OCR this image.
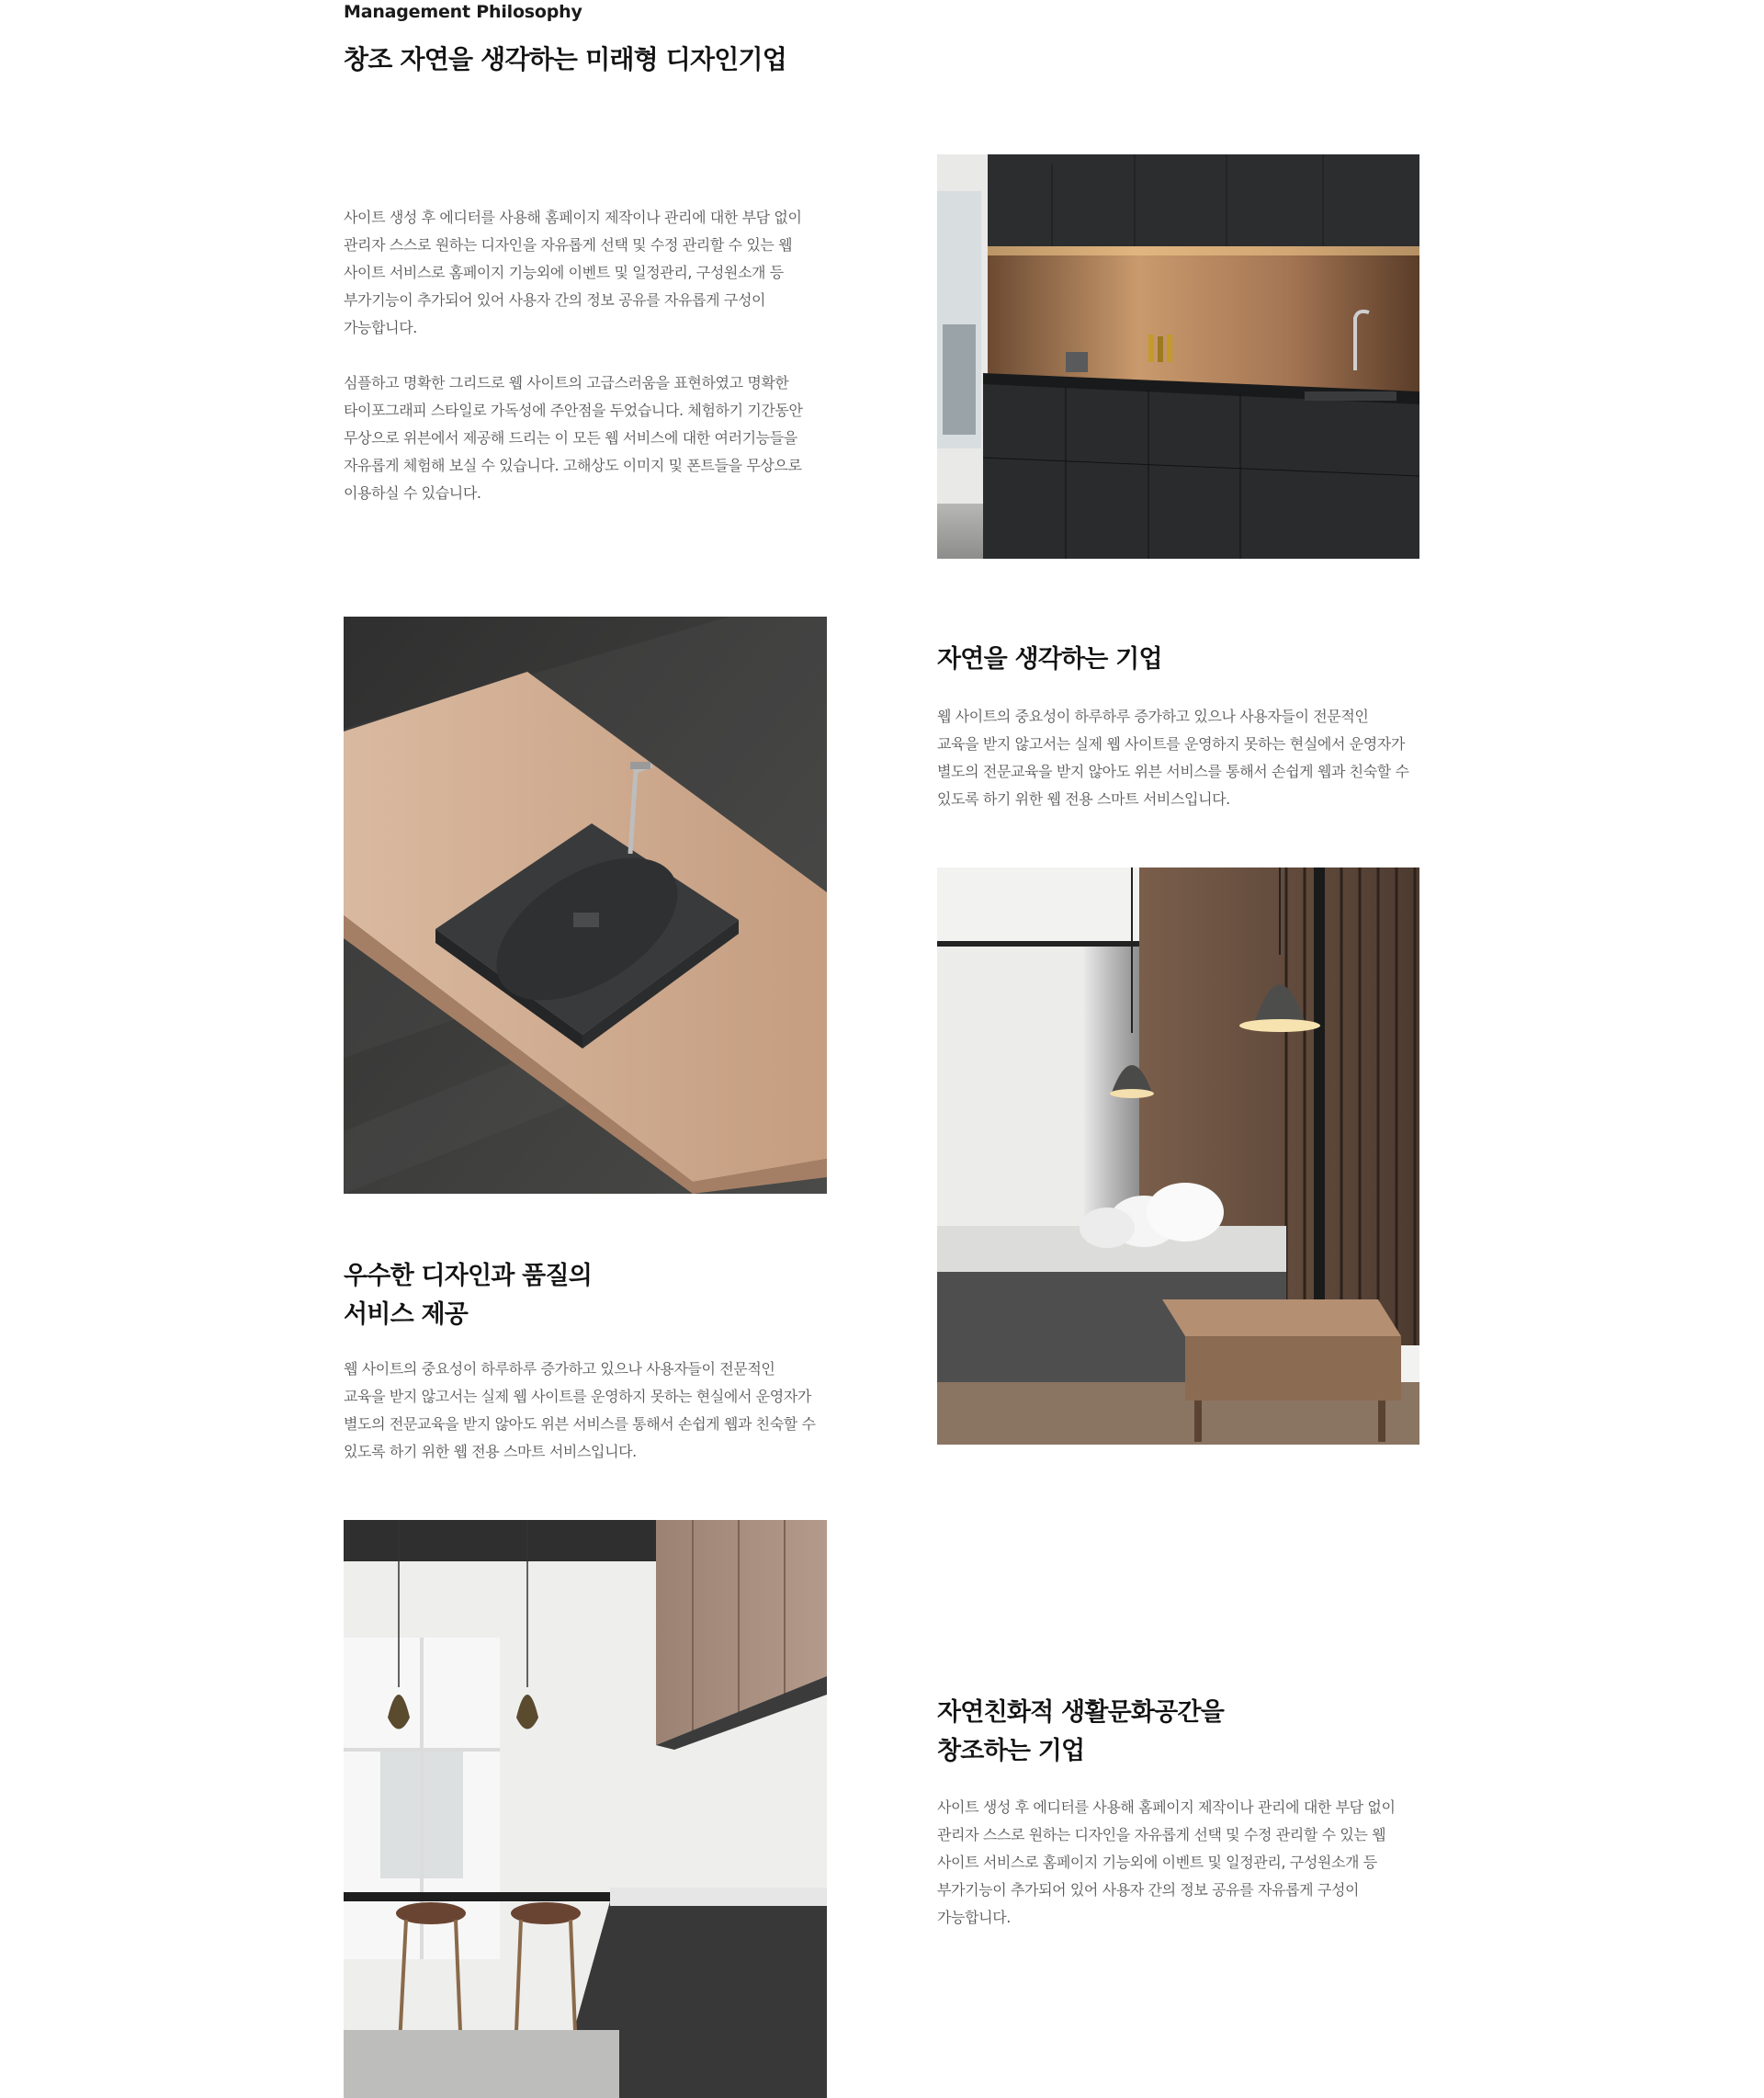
Management Philosophy
창조 자연을 생각하는 미래형 디자인기업

사이트 생성 후 에디터를 사용해 홈페이지 제작이나 관리에 대한 부담 없이
관리자 스스로 원하는 디자인을 자유롭게 선택 및 수정 관리할 수 있는 웹
사이트 서비스로 홈페이지 기능외에 이벤트 및 일정관리, 구성원소개 등
부가기능이 추가되어 있어 사용자 간의 정보 공유를 자유롭게 구성이
가능합니다.

심플하고 명확한 그리드로 웹 사이트의 고급스러움을 표현하였고 명확한
타이포그래피 스타일로 가독성에 주안점을 두었습니다. 체험하기 기간동안
무상으로 위븐에서 제공해 드리는 이 모든 웹 서비스에 대한 여러기능들을
자유롭게 체험해 보실 수 있습니다. 고해상도 이미지 및 폰트들을 무상으로
이용하실 수 있습니다.

자연을 생각하는 기업

웹 사이트의 중요성이 하루하루 증가하고 있으나 사용자들이 전문적인
교육을 받지 않고서는 실제 웹 사이트를 운영하지 못하는 현실에서 운영자가
별도의 전문교육을 받지 않아도 위븐 서비스를 통해서 손쉽게 웹과 친숙할 수
있도록 하기 위한 웹 전용 스마트 서비스입니다.

우수한 디자인과 품질의
서비스 제공

웹 사이트의 중요성이 하루하루 증가하고 있으나 사용자들이 전문적인
교육을 받지 않고서는 실제 웹 사이트를 운영하지 못하는 현실에서 운영자가
별도의 전문교육을 받지 않아도 위븐 서비스를 통해서 손쉽게 웹과 친숙할 수
있도록 하기 위한 웹 전용 스마트 서비스입니다.

자연친화적 생활문화공간을
창조하는 기업

사이트 생성 후 에디터를 사용해 홈페이지 제작이나 관리에 대한 부담 없이
관리자 스스로 원하는 디자인을 자유롭게 선택 및 수정 관리할 수 있는 웹
사이트 서비스로 홈페이지 기능외에 이벤트 및 일정관리, 구성원소개 등
부가기능이 추가되어 있어 사용자 간의 정보 공유를 자유롭게 구성이
가능합니다.
